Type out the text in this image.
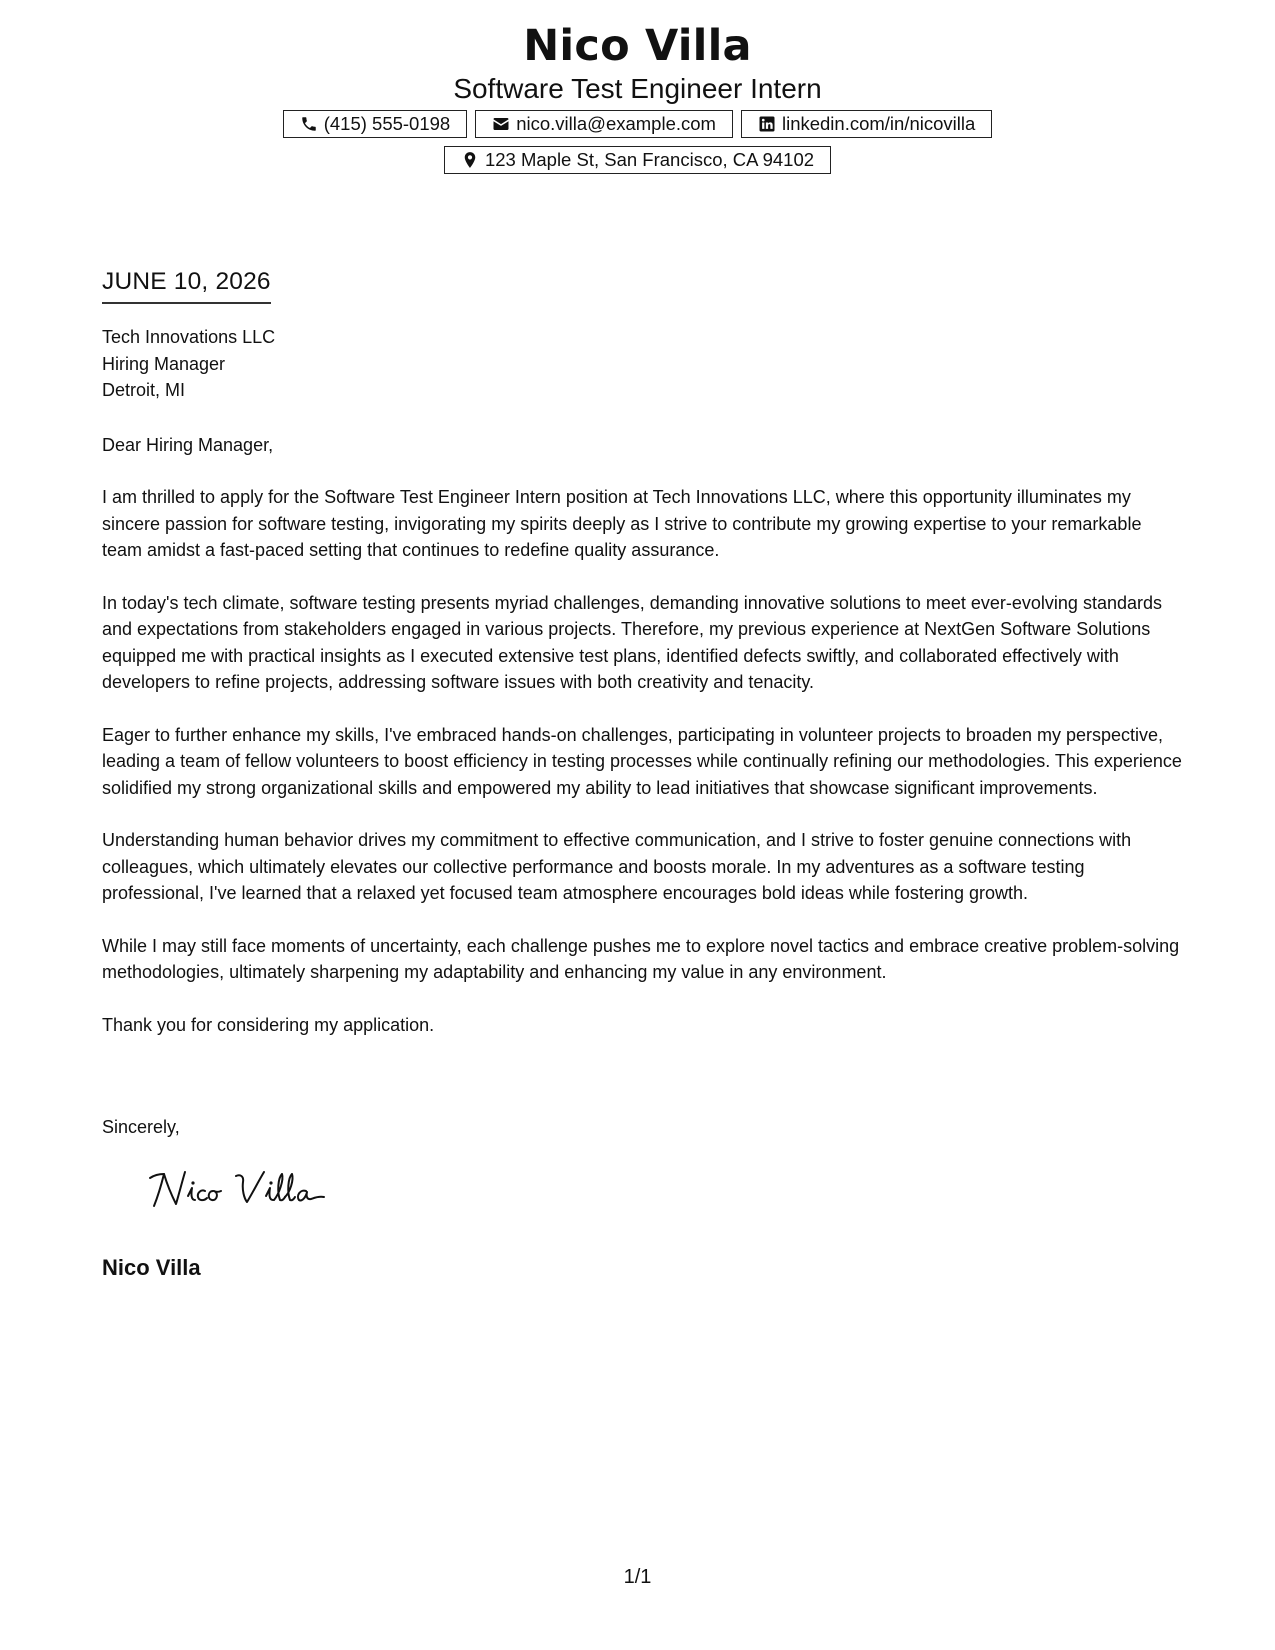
Nico Villa
Software Test Engineer Intern
(415) 555-0198	nico.villa@example.com	linkedin.com/in/nicovilla
123 Maple St, San Francisco, CA 94102
JUNE 10, 2026
Tech Innovations LLC
Hiring Manager
Detroit, MI
Dear Hiring Manager,

I am thrilled to apply for the Software Test Engineer Intern position at Tech Innovations LLC, where this opportunity illuminates my sincere passion for software testing, invigorating my spirits deeply as I strive to contribute my growing expertise to your remarkable team amidst a fast-paced setting that continues to redefine quality assurance.

In today's tech climate, software testing presents myriad challenges, demanding innovative solutions to meet ever-evolving standards and expectations from stakeholders engaged in various projects. Therefore, my previous experience at NextGen Software Solutions equipped me with practical insights as I executed extensive test plans, identified defects swiftly, and collaborated effectively with developers to refine projects, addressing software issues with both creativity and tenacity.

Eager to further enhance my skills, I've embraced hands-on challenges, participating in volunteer projects to broaden my perspective, leading a team of fellow volunteers to boost efficiency in testing processes while continually refining our methodologies. This experience solidified my strong organizational skills and empowered my ability to lead initiatives that showcase significant improvements.

Understanding human behavior drives my commitment to effective communication, and I strive to foster genuine connections with colleagues, which ultimately elevates our collective performance and boosts morale. In my adventures as a software testing professional, I've learned that a relaxed yet focused team atmosphere encourages bold ideas while fostering growth.

While I may still face moments of uncertainty, each challenge pushes me to explore novel tactics and embrace creative problem-solving methodologies, ultimately sharpening my adaptability and enhancing my value in any environment.

Thank you for considering my application.

Sincerely,
Nico Villa
1/1
